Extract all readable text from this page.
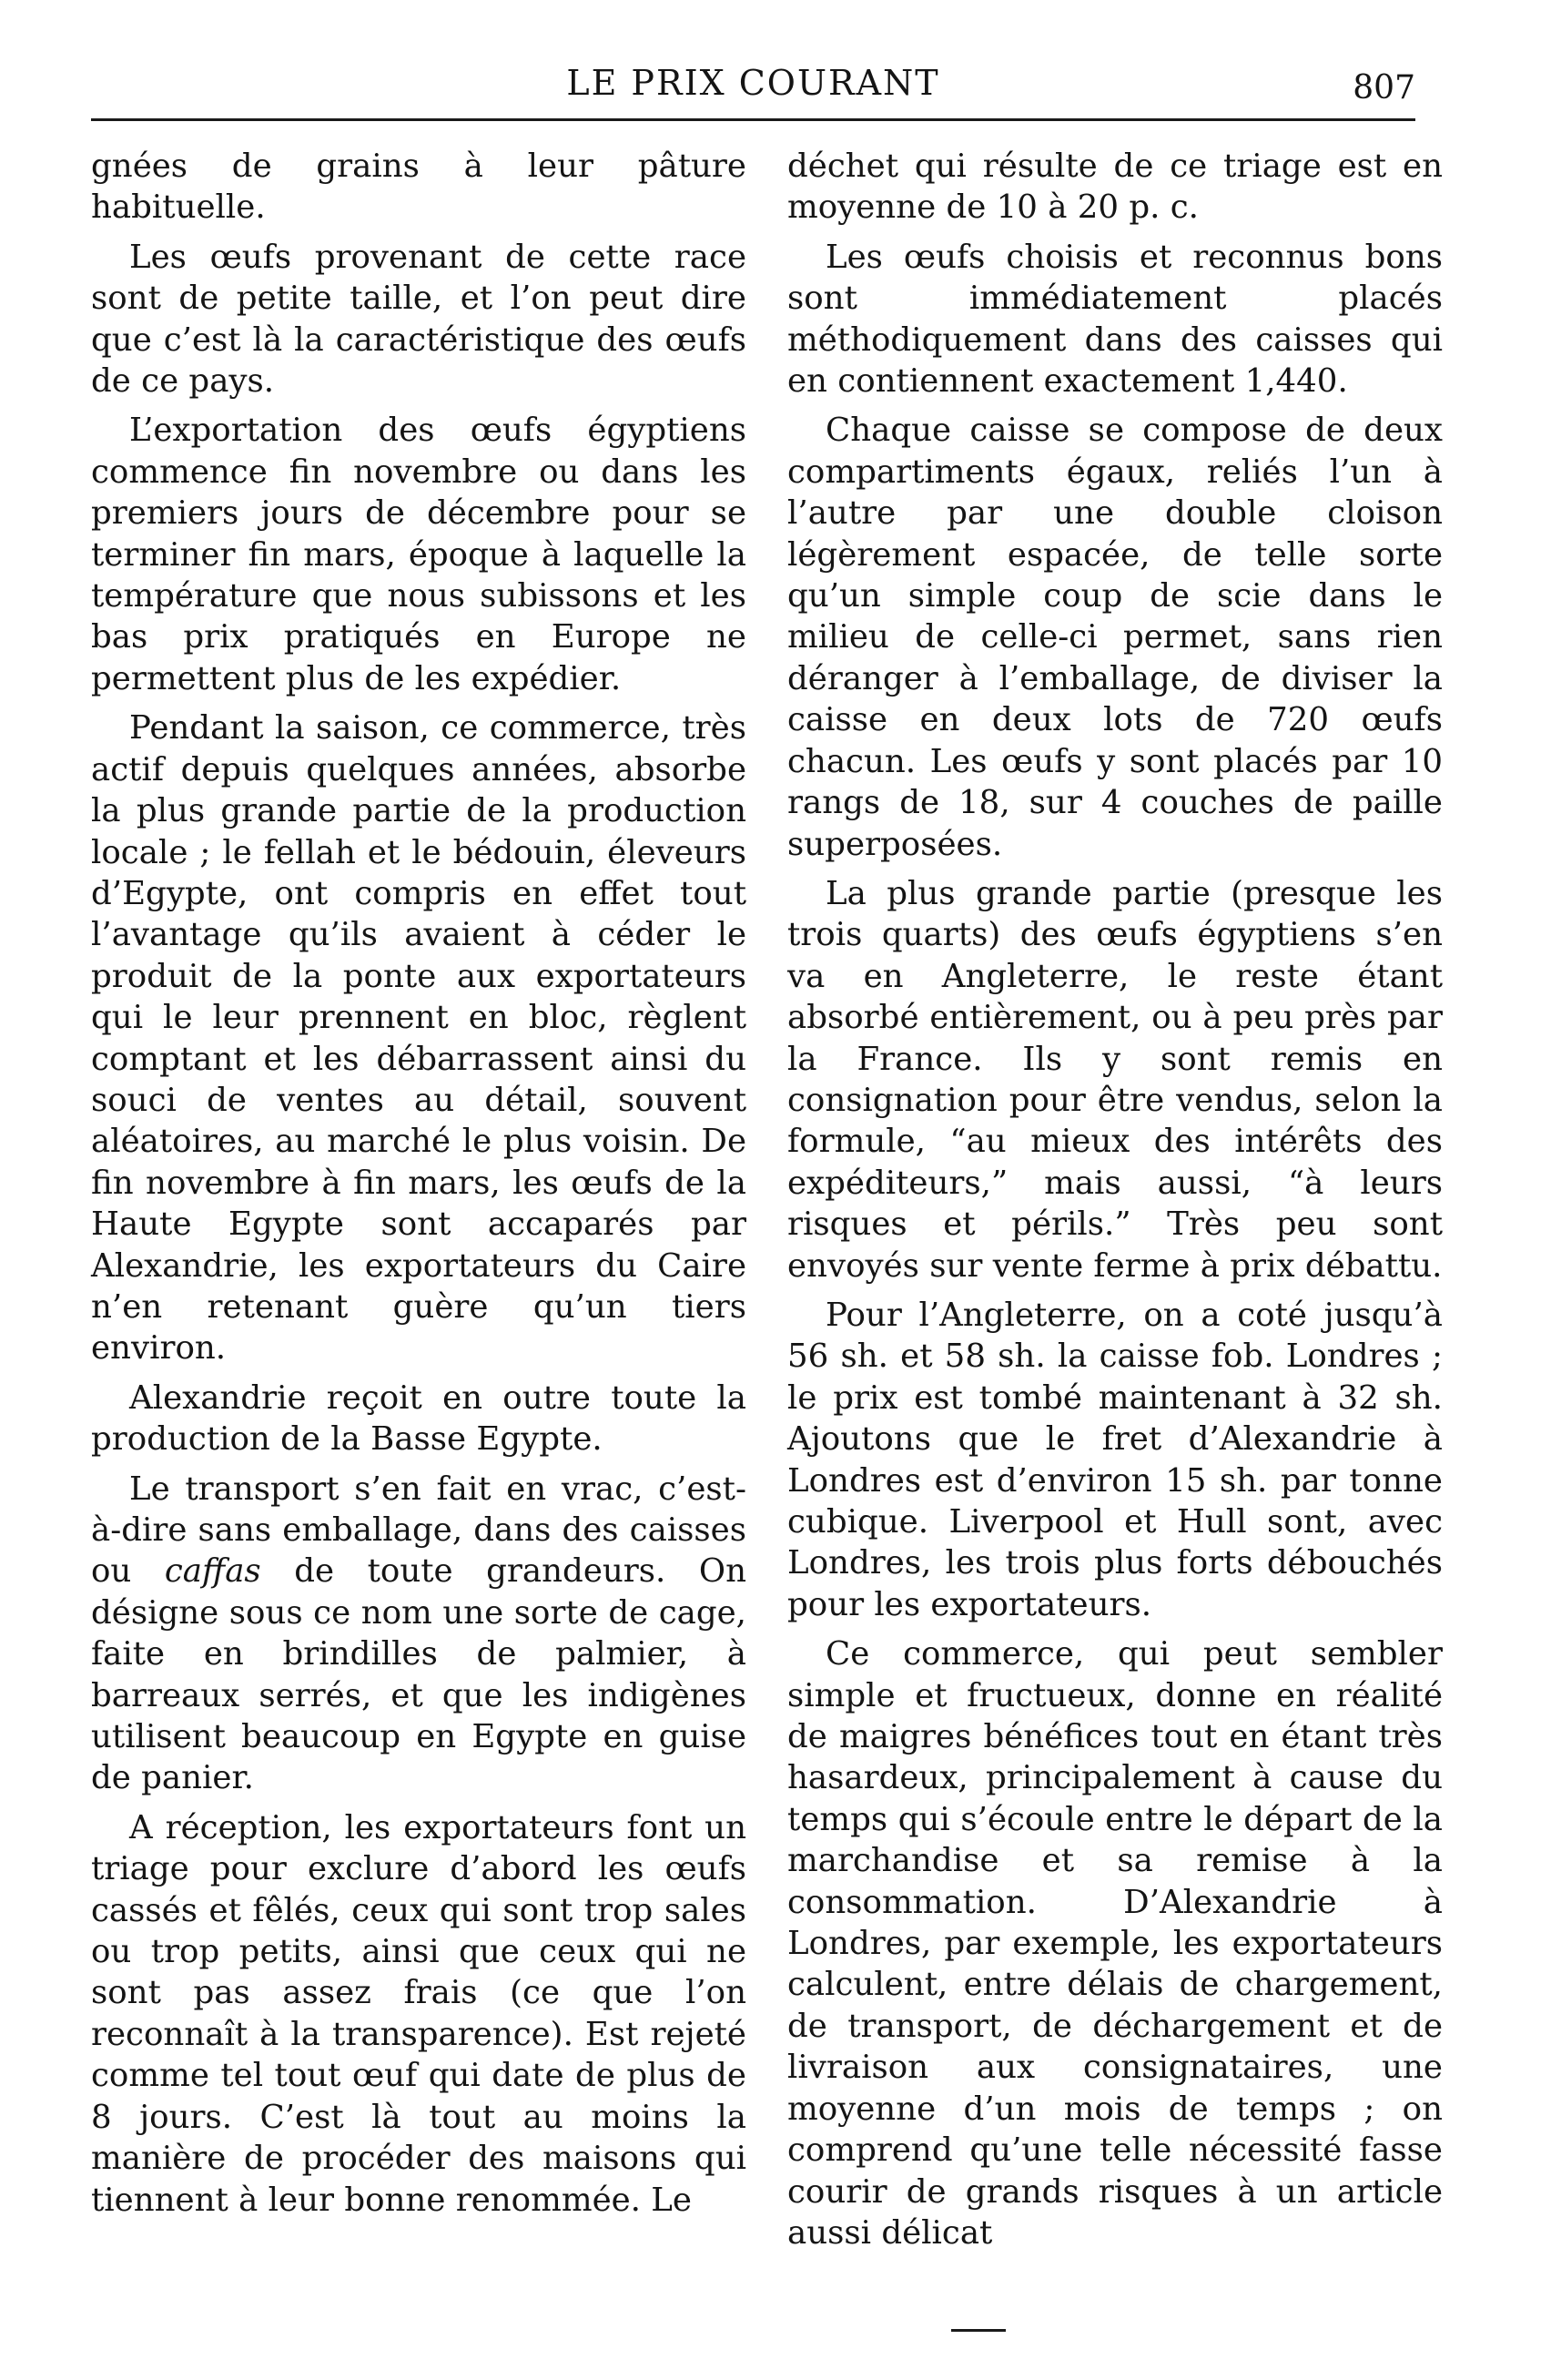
LE PRIX COURANT	807

gnées de grains à leur pâture habituelle.

Les œufs provenant de cette race sont de petite taille, et l’on peut dire que c’est là la caractéristique des œufs de ce pays.

L’exportation des œufs égyptiens commence fin novembre ou dans les premiers jours de décembre pour se terminer fin mars, époque à laquelle la température que nous subissons et les bas prix pratiqués en Europe ne permettent plus de les expédier.

Pendant la saison, ce commerce, très actif depuis quelques années, absorbe la plus grande partie de la production locale ; le fellah et le bédouin, éleveurs d’Egypte, ont compris en effet tout l’avantage qu’ils avaient à céder le produit de la ponte aux exportateurs qui le leur prennent en bloc, règlent comptant et les débarrassent ainsi du souci de ventes au détail, souvent aléatoires, au marché le plus voisin. De fin novembre à fin mars, les œufs de la Haute Egypte sont accaparés par Alexandrie, les exportateurs du Caire n’en retenant guère qu’un tiers environ.

Alexandrie reçoit en outre toute la production de la Basse Egypte.

Le transport s’en fait en vrac, c’est-à-dire sans emballage, dans des caisses ou caffas de toute grandeurs. On désigne sous ce nom une sorte de cage, faite en brindilles de palmier, à barreaux serrés, et que les indigènes utilisent beaucoup en Egypte en guise de panier.

A réception, les exportateurs font un triage pour exclure d’abord les œufs cassés et fêlés, ceux qui sont trop sales ou trop petits, ainsi que ceux qui ne sont pas assez frais (ce que l’on reconnaît à la transparence). Est rejeté comme tel tout œuf qui date de plus de 8 jours. C’est là tout au moins la manière de procéder des maisons qui tiennent à leur bonne renommée. Le

déchet qui résulte de ce triage est en moyenne de 10 à 20 p. c.

Les œufs choisis et reconnus bons sont immédiatement placés méthodiquement dans des caisses qui en contiennent exactement 1,440.

Chaque caisse se compose de deux compartiments égaux, reliés l’un à l’autre par une double cloison légèrement espacée, de telle sorte qu’un simple coup de scie dans le milieu de celle-ci permet, sans rien déranger à l’emballage, de diviser la caisse en deux lots de 720 œufs chacun. Les œufs y sont placés par 10 rangs de 18, sur 4 couches de paille superposées.

La plus grande partie (presque les trois quarts) des œufs égyptiens s’en va en Angleterre, le reste étant absorbé entièrement, ou à peu près par la France. Ils y sont remis en consignation pour être vendus, selon la formule, “au mieux des intérêts des expéditeurs,” mais aussi, “à leurs risques et périls.” Très peu sont envoyés sur vente ferme à prix débattu.

Pour l’Angleterre, on a coté jusqu’à 56 sh. et 58 sh. la caisse fob. Londres ; le prix est tombé maintenant à 32 sh. Ajoutons que le fret d’Alexandrie à Londres est d’environ 15 sh. par tonne cubique. Liverpool et Hull sont, avec Londres, les trois plus forts débouchés pour les exportateurs.

Ce commerce, qui peut sembler simple et fructueux, donne en réalité de maigres bénéfices tout en étant très hasardeux, principalement à cause du temps qui s’écoule entre le départ de la marchandise et sa remise à la consommation. D’Alexandrie à Londres, par exemple, les exportateurs calculent, entre délais de chargement, de transport, de déchargement et de livraison aux consignataires, une moyenne d’un mois de temps ; on comprend qu’une telle nécessité fasse courir de grands risques à un article aussi délicat
